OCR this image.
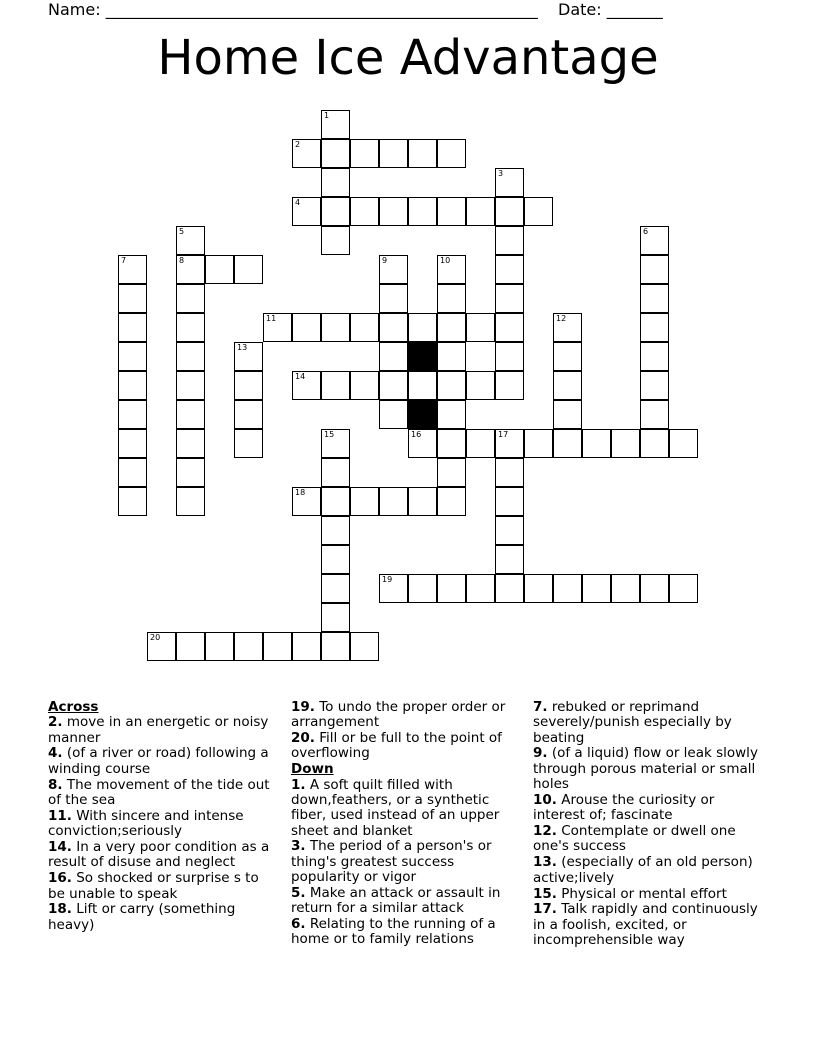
Name: ______________________________________________________ Date: _______
Home Ice Advantage
2
4
8
11
14
16	17
18
19
20
1
3
5	6
7	9	10
12
13
15
Across
2. move in an energetic or noisy manner
4. (of a river or road) following a winding course
8. The movement of the tide out of the sea
11. With sincere and intense conviction;seriously
14. In a very poor condition as a result of disuse and neglect
16. So shocked or surprise s to be unable to speak
18. Lift or carry (something heavy)
19. To undo the proper order or arrangement
20. Fill or be full to the point of overflowing
Down
1. A soft quilt filled with down,feathers, or a synthetic fiber, used instead of an upper sheet and blanket
3. The period of a person's or thing's greatest success popularity or vigor
5. Make an attack or assault in return for a similar attack
6. Relating to the running of a home or to family relations
7. rebuked or reprimand severely/punish especially by beating
9. (of a liquid) flow or leak slowly through porous material or small holes
10. Arouse the curiosity or interest of; fascinate
12. Contemplate or dwell one one's success
13. (especially of an old person) active;lively
15. Physical or mental effort
17. Talk rapidly and continuously in a foolish, excited, or incomprehensible way
